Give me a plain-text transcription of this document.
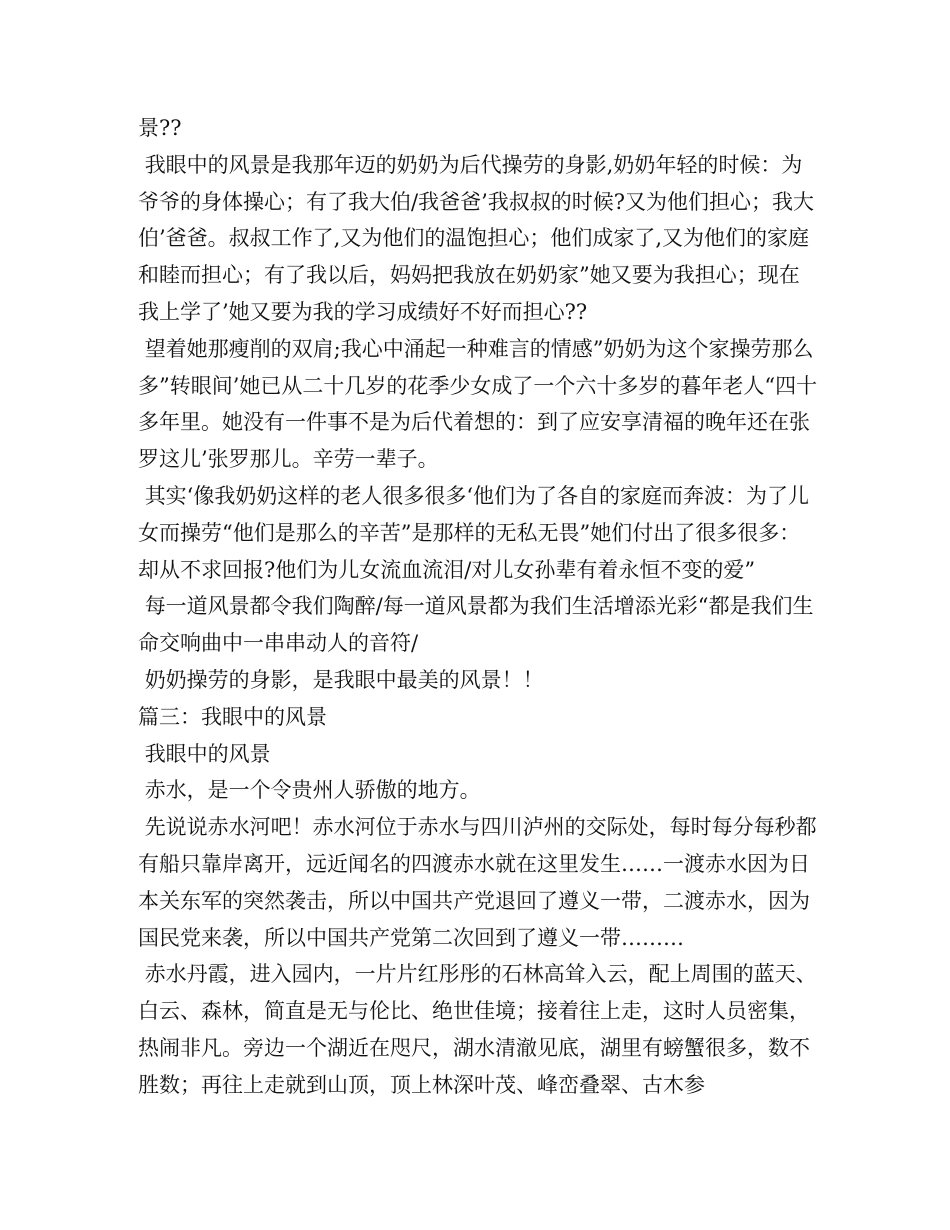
景??

我眼中的风景是我那年迈的奶奶为后代操劳的身影,奶奶年轻的时候：为爷爷的身体操心；有了我大伯/我爸爸’我叔叔的时候?又为他们担心；我大伯’爸爸。叔叔工作了,又为他们的温饱担心；他们成家了,又为他们的家庭和睦而担心；有了我以后，妈妈把我放在奶奶家”她又要为我担心；现在我上学了’她又要为我的学习成绩好不好而担心??

望着她那瘦削的双肩;我心中涌起一种难言的情感”奶奶为这个家操劳那么多”转眼间’她已从二十几岁的花季少女成了一个六十多岁的暮年老人“四十多年里。她没有一件事不是为后代着想的：到了应安享清福的晚年还在张罗这儿’张罗那儿。辛劳一辈子。

其实‘像我奶奶这样的老人很多很多‘他们为了各自的家庭而奔波：为了儿女而操劳“他们是那么的辛苦”是那样的无私无畏”她们付出了很多很多：却从不求回报?他们为儿女流血流泪/对儿女孙辈有着永恒不变的爱”

每一道风景都令我们陶醉/每一道风景都为我们生活增添光彩“都是我们生命交响曲中一串串动人的音符/

奶奶操劳的身影，是我眼中最美的风景！！

篇三：我眼中的风景

我眼中的风景

赤水，是一个令贵州人骄傲的地方。

先说说赤水河吧！赤水河位于赤水与四川泸州的交际处，每时每分每秒都有船只靠岸离开，远近闻名的四渡赤水就在这里发生……一渡赤水因为日本关东军的突然袭击，所以中国共产党退回了遵义一带，二渡赤水，因为国民党来袭，所以中国共产党第二次回到了遵义一带………

赤水丹霞，进入园内，一片片红彤彤的石林高耸入云，配上周围的蓝天、白云、森林，简直是无与伦比、绝世佳境；接着往上走，这时人员密集，热闹非凡。旁边一个湖近在咫尺，湖水清澈见底，湖里有螃蟹很多，数不胜数；再往上走就到山顶，顶上林深叶茂、峰峦叠翠、古木参
